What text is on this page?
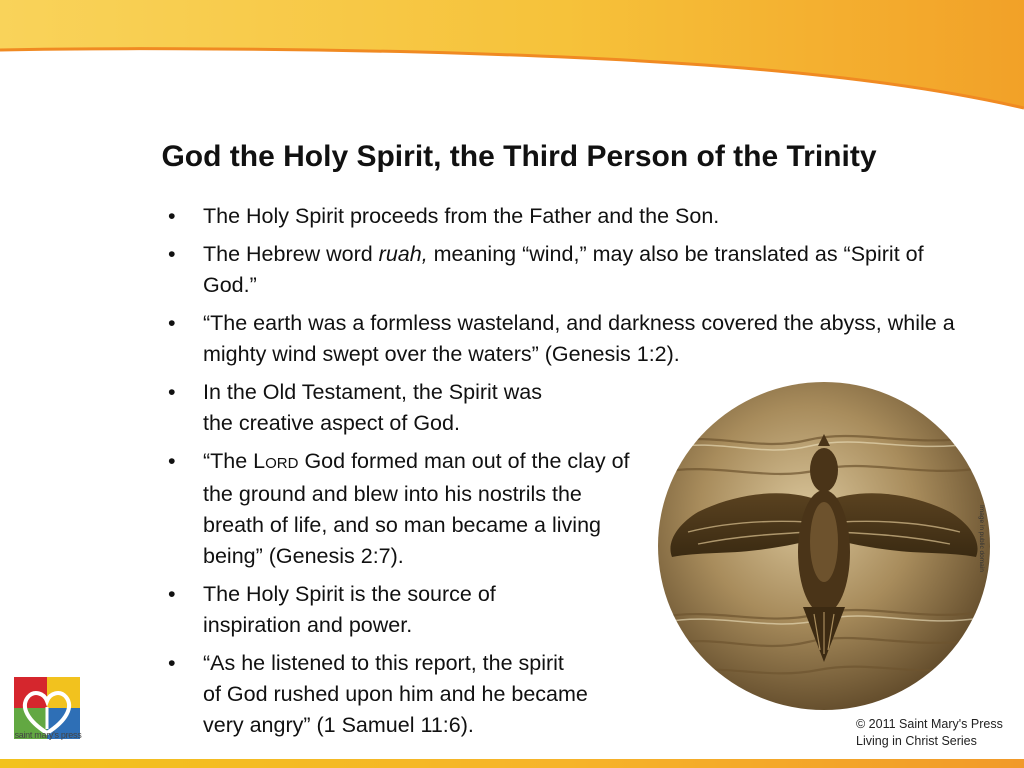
God the Holy Spirit, the Third Person of the Trinity
• The Holy Spirit proceeds from the Father and the Son.
• The Hebrew word ruah, meaning “wind,” may also be translated as “Spirit of God.”
• “The earth was a formless wasteland, and darkness covered the abyss, while a mighty wind swept over the waters” (Genesis 1:2).
• In the Old Testament, the Spirit was
the creative aspect of God.
• “The LORD God formed man out of the clay of the ground and blew into his nostrils the breath of life, and so man became a living being” (Genesis 2:7).
• The Holy Spirit is the source of
inspiration and power.
• “As he listened to this report, the spirit
of God rushed upon him and he became
very angry” (1 Samuel 11:6).
Image in public domain
saint mary's press
© 2011 Saint Mary's Press
Living in Christ Series
